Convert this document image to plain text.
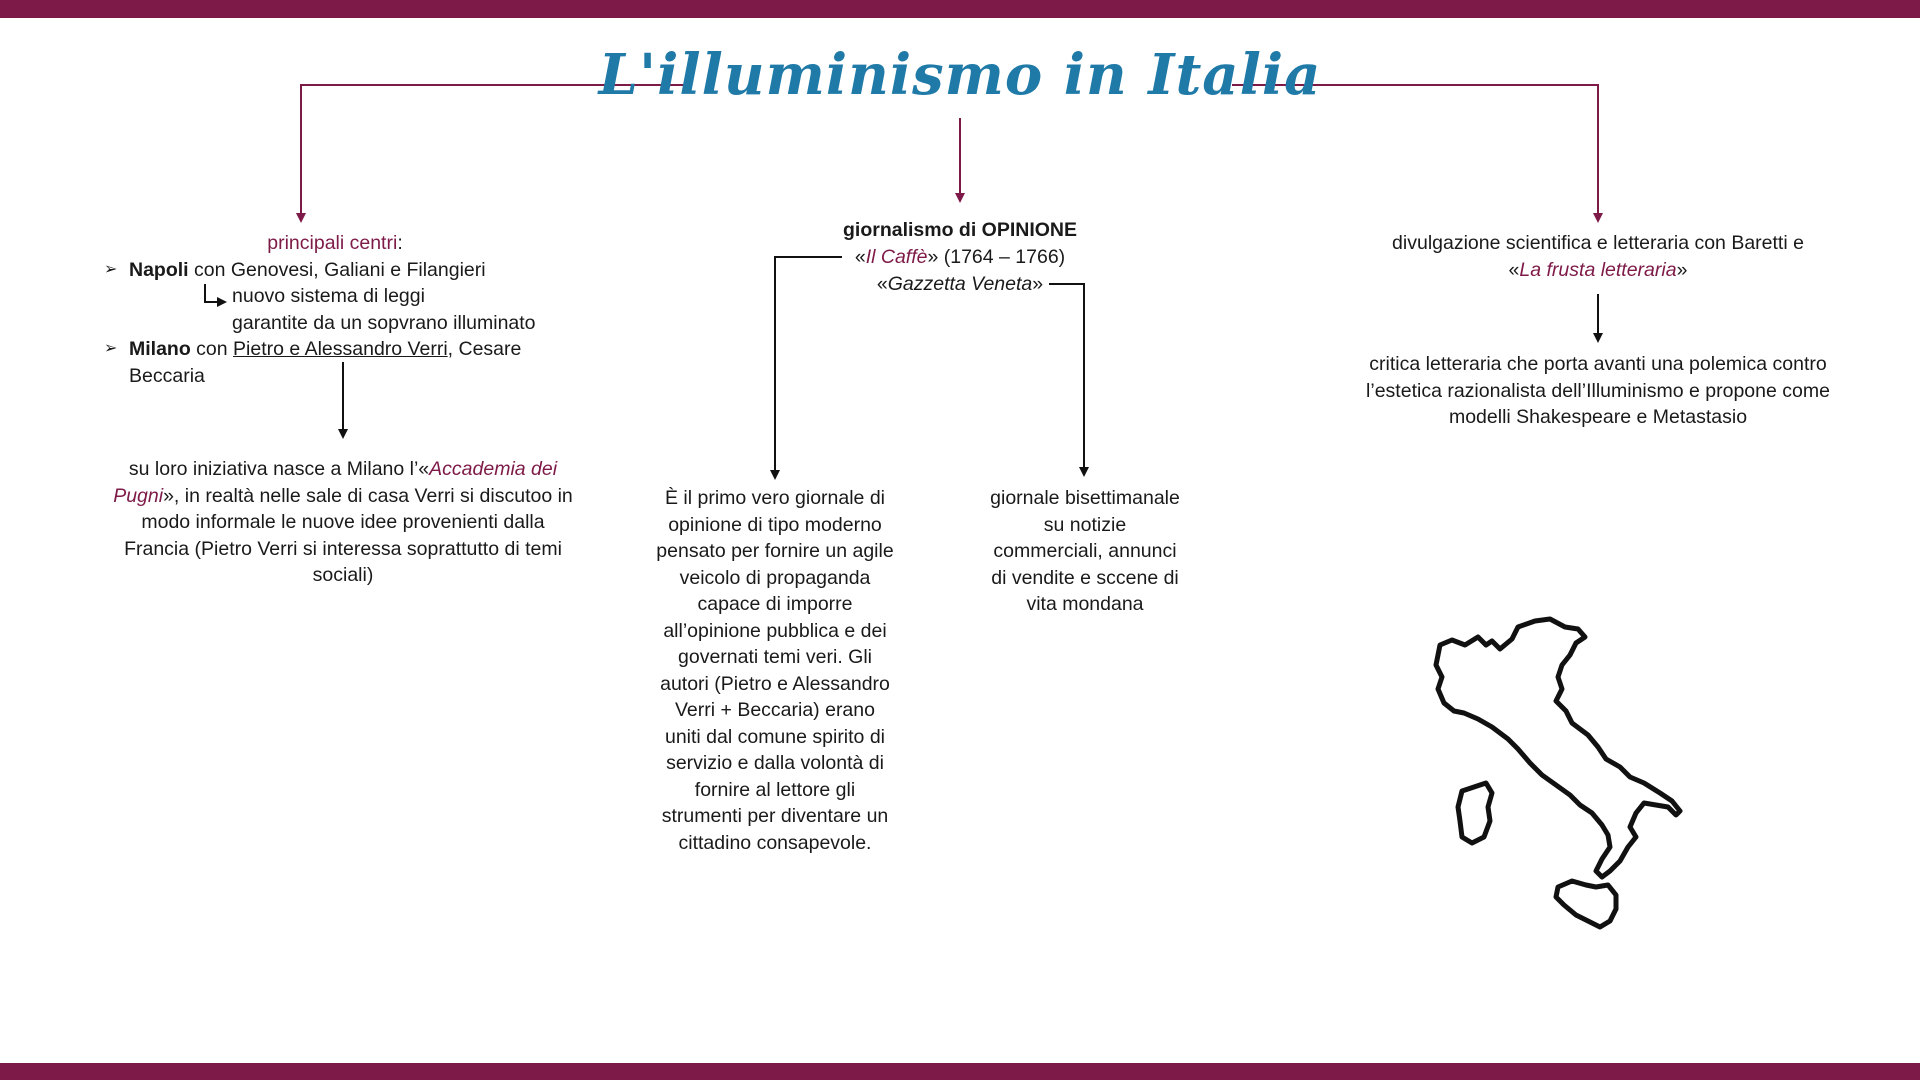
L'illuminismo in Italia
principali centri:
➢ Napoli con Genovesi, Galiani e Filangieri
nuovo sistema di leggi
garantite da un sopvrano illuminato
➢ Milano con Pietro e Alessandro Verri, Cesare
Beccaria
su loro iniziativa nasce a Milano l’«Accademia dei Pugni», in realtà nelle sale di casa Verri si discutoo in modo informale le nuove idee provenienti dalla Francia (Pietro Verri si interessa soprattutto di temi sociali)
giornalismo di OPINIONE
«Il Caffè» (1764 – 1766)
«Gazzetta Veneta»
È il primo vero giornale di opinione di tipo moderno pensato per fornire un agile veicolo di propaganda capace di imporre all’opinione pubblica e dei governati temi veri. Gli autori (Pietro e Alessandro Verri + Beccaria) erano uniti dal comune spirito di servizio e dalla volontà di fornire al lettore gli strumenti per diventare un cittadino consapevole.
giornale bisettimanale su notizie commerciali, annunci di vendite e sccene di vita mondana
divulgazione scientifica e letteraria con Baretti e
«La frusta letteraria»
critica letteraria che porta avanti una polemica contro l’estetica razionalista dell’Illuminismo e propone come modelli Shakespeare e Metastasio
